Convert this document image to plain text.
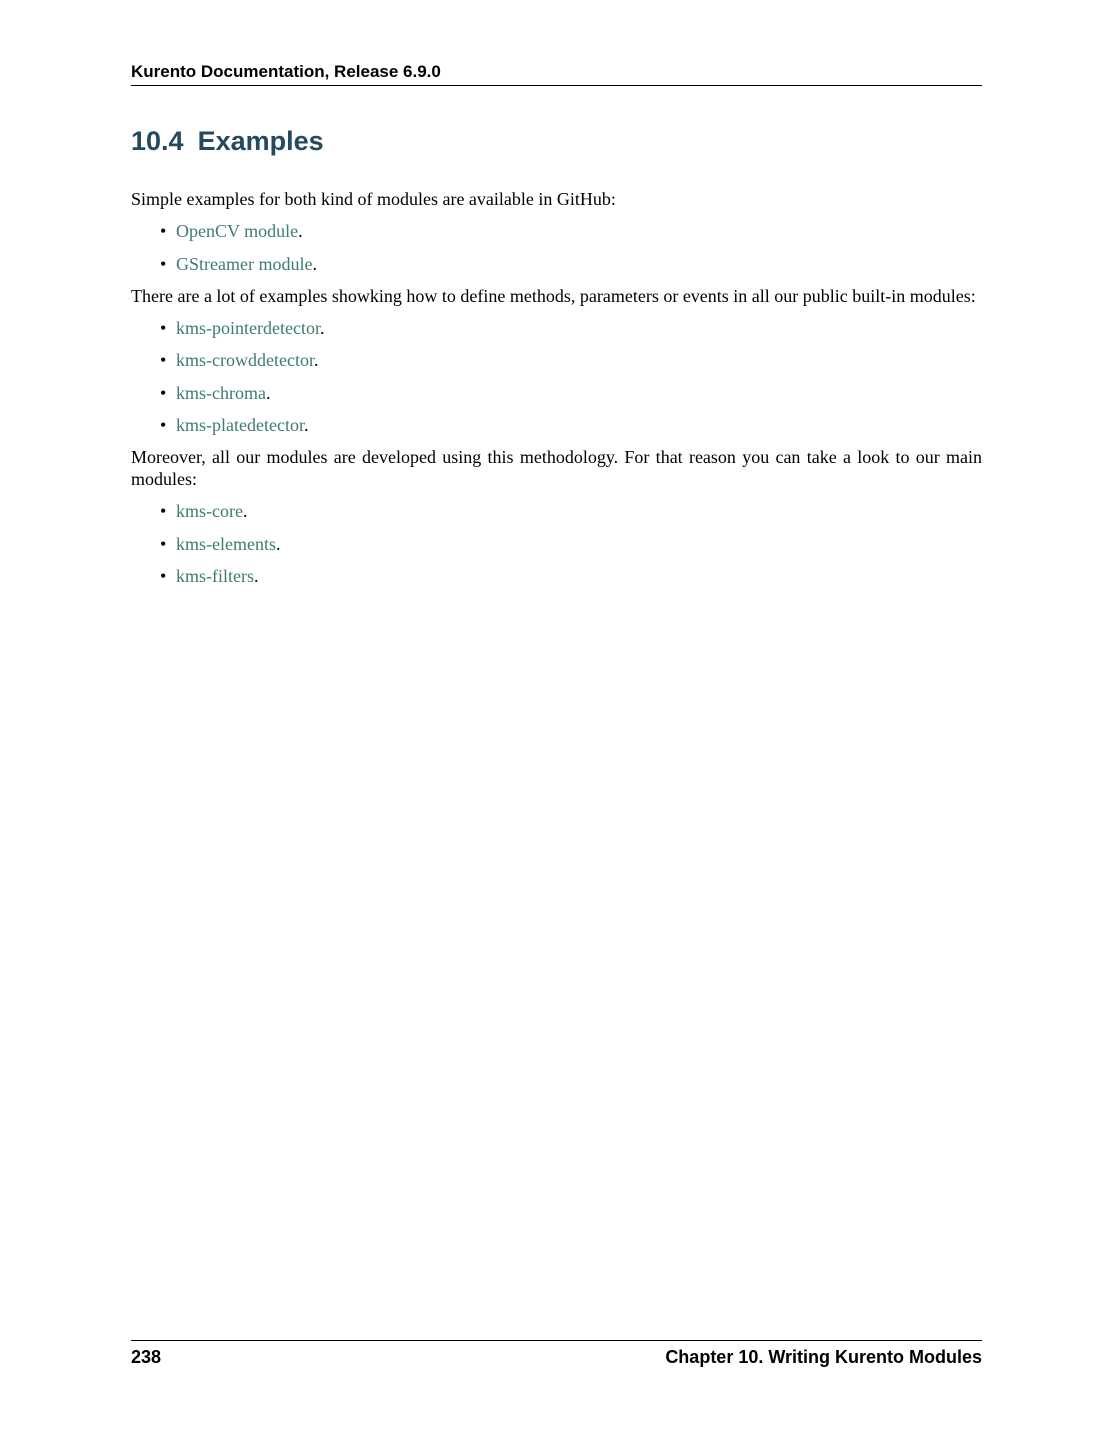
Kurento Documentation, Release 6.9.0
10.4 Examples

Simple examples for both kind of modules are available in GitHub:

• OpenCV module.
• GStreamer module.

There are a lot of examples showking how to define methods, parameters or events in all our public built-in modules:

• kms-pointerdetector.
• kms-crowddetector.
• kms-chroma.
• kms-platedetector.

Moreover, all our modules are developed using this methodology. For that reason you can take a look to our main modules:

• kms-core.
• kms-elements.
• kms-filters.
238	Chapter 10. Writing Kurento Modules
